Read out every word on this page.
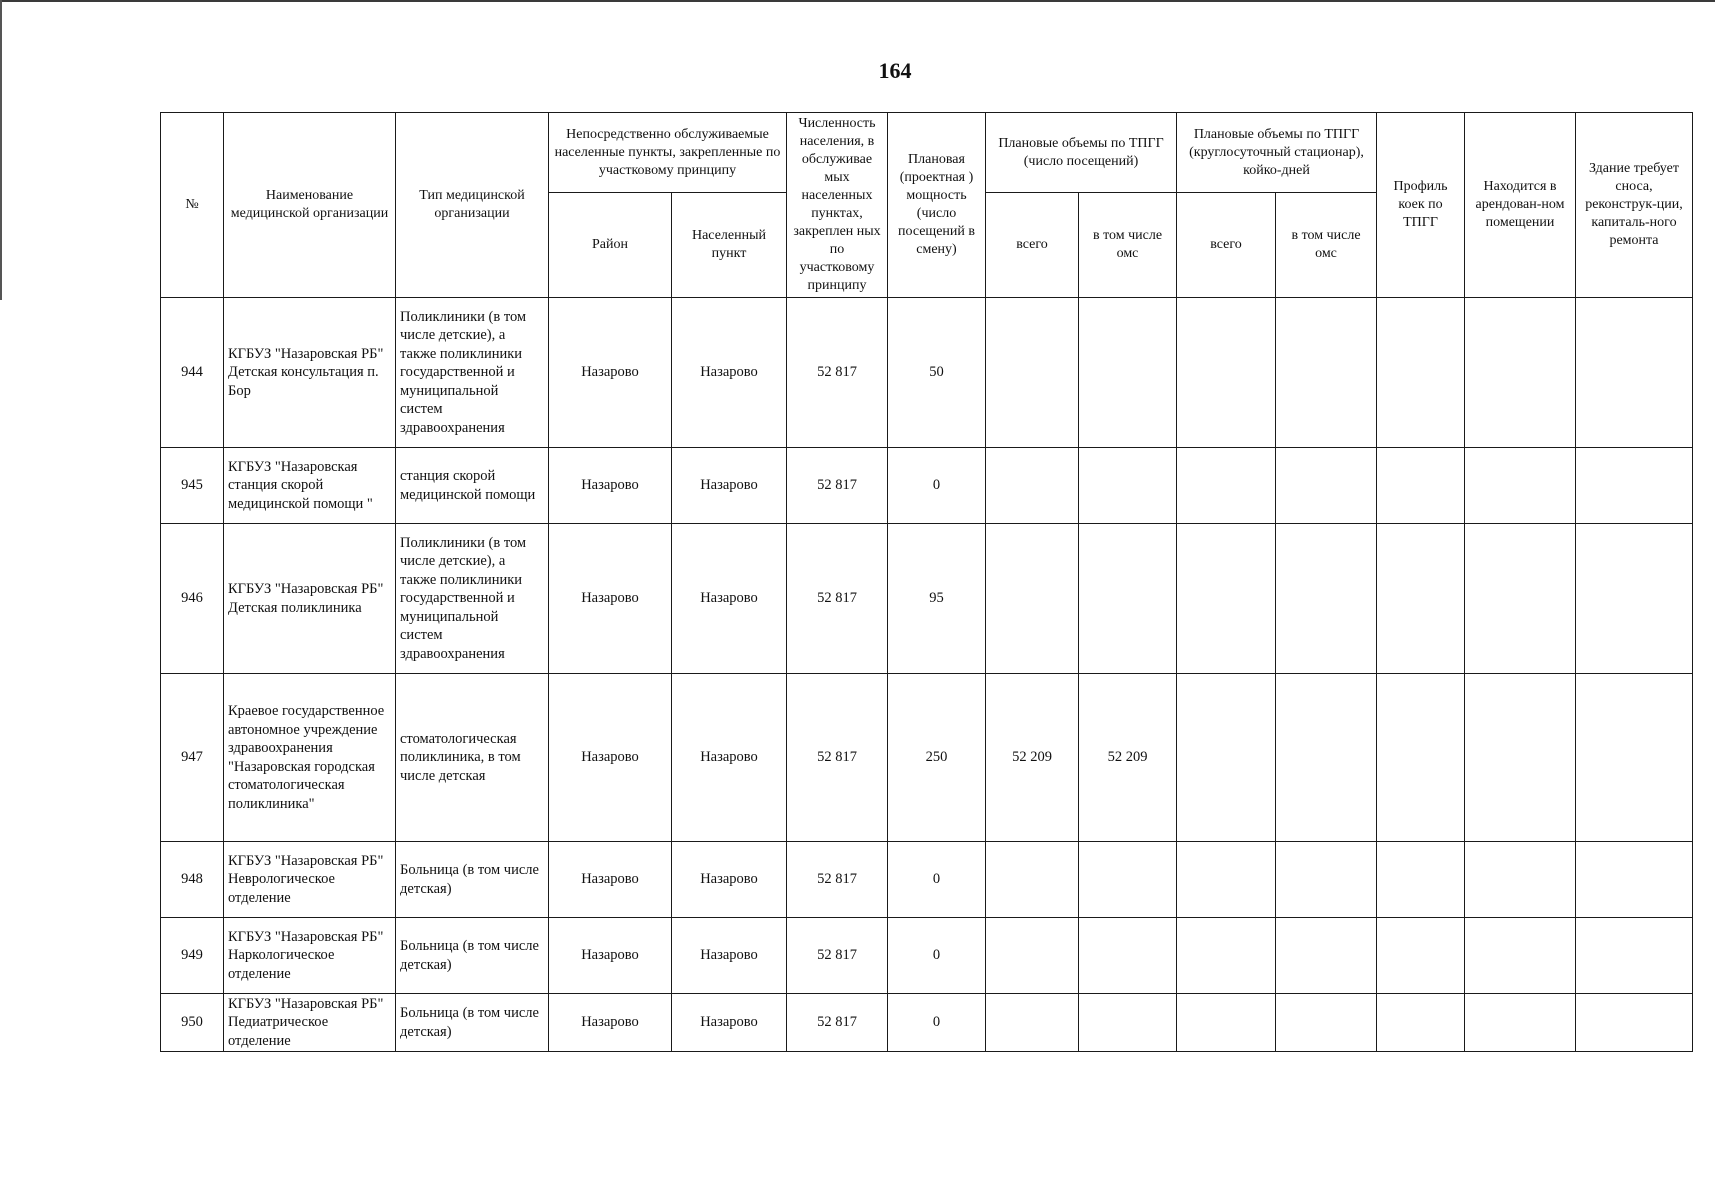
164
№	Наименование медицинской организации	Тип медицинской организации	Непосредственно обслуживаемые населенные пункты, закрепленные по участковому принципу		Численность населения, в обслуживае мых населенных пунктах, закреплен ных по участковому принципу	Плановая (проектная ) мощность (число посещений в смену)	Плановые объемы по ТПГГ (число посещений)		Плановые объемы по ТПГГ (круглосуточный стационар), койко-дней		Профиль коек по ТПГГ	Находится в арендован-ном помещении	Здание требует сноса, реконструк-ции, капиталь-ного ремонта
			Район	Населенный пункт			всего	в том числе омс	всего	в том числе омс			
944	КГБУЗ "Назаровская РБ" Детская консультация п. Бор	Поликлиники (в том числе детские), а также поликлиники государственной и муниципальной систем здравоохранения	Назарово	Назарово	52 817	50							
945	КГБУЗ "Назаровская станция скорой медицинской помощи "	станция скорой медицинской помощи	Назарово	Назарово	52 817	0							
946	КГБУЗ "Назаровская РБ" Детская поликлиника	Поликлиники (в том числе детские), а также поликлиники государственной и муниципальной систем здравоохранения	Назарово	Назарово	52 817	95							
947	Краевое государственное автономное учреждение здравоохранения "Назаровская городская стоматологическая поликлиника"	стоматологическая поликлиника, в том числе детская	Назарово	Назарово	52 817	250	52 209	52 209					
948	КГБУЗ "Назаровская РБ" Неврологическое отделение	Больница (в том числе детская)	Назарово	Назарово	52 817	0							
949	КГБУЗ "Назаровская РБ" Наркологическое отделение	Больница (в том числе детская)	Назарово	Назарово	52 817	0							
950	КГБУЗ "Назаровская РБ" Педиатрическое отделение	Больница (в том числе детская)	Назарово	Назарово	52 817	0							
